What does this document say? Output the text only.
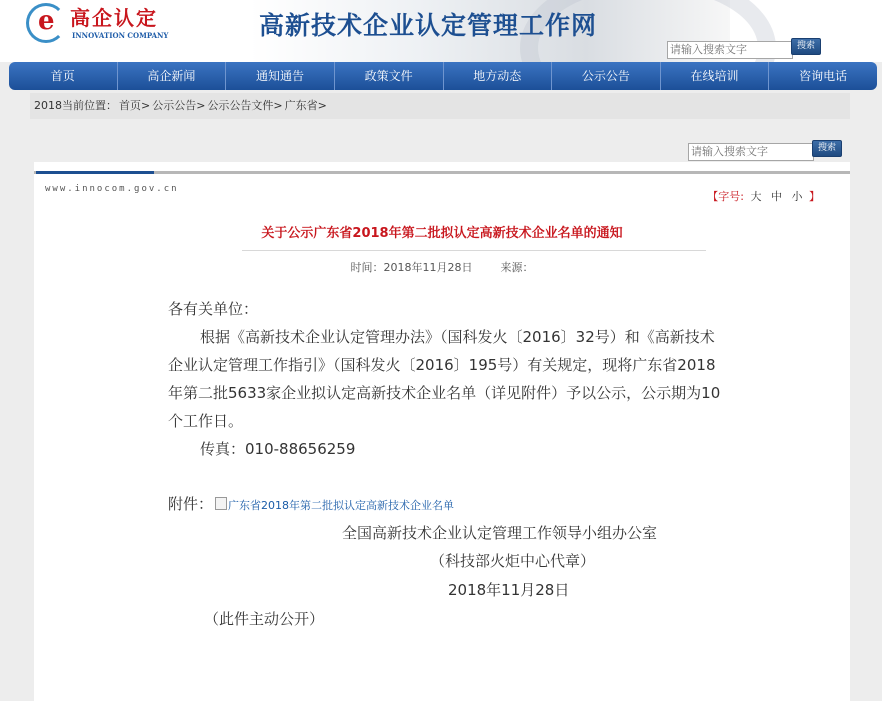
e 高企认定
INNOVATION COMPANY	高新技术企业认定管理工作网
请输入搜索文字
搜索
首页	高企新闻	通知通告	政策文件	地方动态	公示公告	在线培训	咨询电话
2018当前位置： 首页> 公示公告> 公示公告文件> 广东省>
请输入搜索文字
搜索
www.innocom.gov.cn
【字号: 大 中 小 】
关于公示广东省2018年第二批拟认定高新技术企业名单的通知
时间：2018年11月28日	来源：

各有关单位：

根据《高新技术企业认定管理办法》（国科发火〔2016〕32号）和《高新技术企业认定管理工作指引》（国科发火〔2016〕195号）有关规定，现将广东省2018年第二批5633家企业拟认定高新技术企业名单（详见附件）予以公示，公示期为10个工作日。

传真：010-88656259

附件： 广东省2018年第二批拟认定高新技术企业名单
全国高新技术企业认定管理工作领导小组办公室
（科技部火炬中心代章）
2018年11月28日
（此件主动公开）
